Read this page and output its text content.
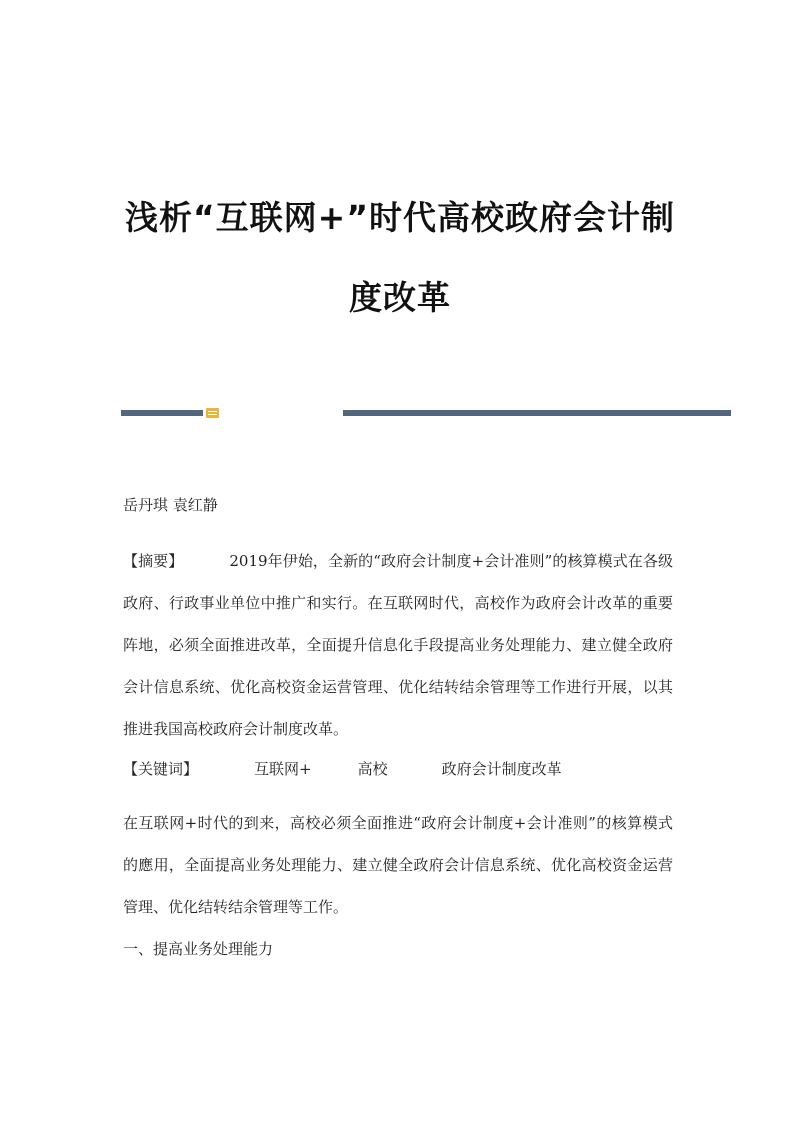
浅析“互联网+”时代高校政府会计制
度改革
岳丹琪 袁红静
【摘要】	2019年伊始，全新的“政府会计制度+会计准则”的核算模式在各级政府、行政事业单位中推广和实行。在互联网时代，高校作为政府会计改革的重要阵地，必须全面推进改革，全面提升信息化手段提高业务处理能力、建立健全政府会计信息系统、优化高校资金运营管理、优化结转结余管理等工作进行开展，以其推进我国高校政府会计制度改革。
【关键词】	互联网+	高校	政府会计制度改革
在互联网+时代的到来，高校必须全面推进“政府会计制度+会计准则”的核算模式的應用，全面提高业务处理能力、建立健全政府会计信息系统、优化高校资金运营管理、优化结转结余管理等工作。
一、提高业务处理能力
